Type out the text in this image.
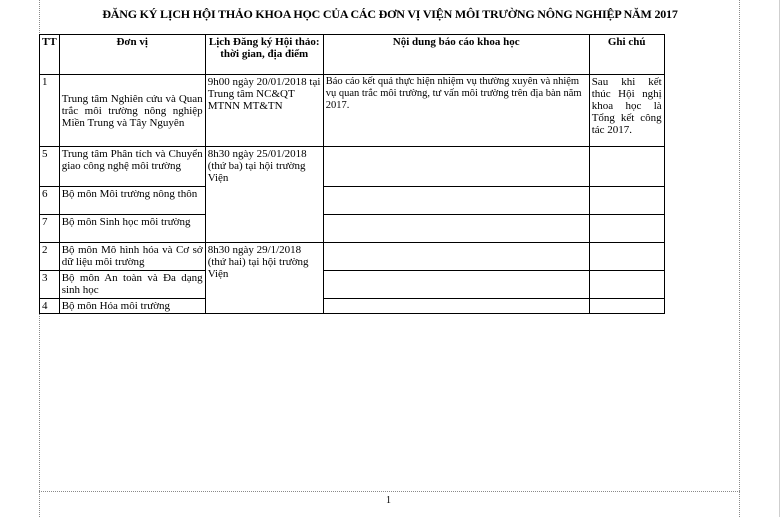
ĐĂNG KÝ LỊCH HỘI THẢO KHOA HỌC CỦA CÁC ĐƠN VỊ VIỆN MÔI TRƯỜNG NÔNG NGHIỆP NĂM 2017
TT	Đơn vị	Lịch Đăng ký Hội thảo: thời gian, địa điểm	Nội dung báo cáo khoa học	Ghi chú
1	Trung tâm Nghiên cứu và Quan trắc môi trường nông nghiệp Miền Trung và Tây Nguyên	9h00 ngày 20/01/2018 tại Trung tâm NC&QT MTNN MT&TN	Báo cáo kết quả thực hiện nhiệm vụ thường xuyên và nhiệm vụ quan trắc môi trường, tư vấn môi trường trên địa bàn năm 2017.	Sau khi kết thúc Hội nghị khoa học là Tổng kết công tác 2017.
5	Trung tâm Phân tích và Chuyển giao công nghệ môi trường	8h30 ngày 25/01/2018 (thứ ba) tại hội trường Viện		
6	Bộ môn Môi trường nông thôn			
7	Bộ môn Sinh học môi trường			
2	Bộ môn Mô hình hóa và Cơ sở dữ liệu môi trường	8h30 ngày 29/1/2018 (thứ hai) tại hội trường Viện		
3	Bộ môn An toàn và Đa dạng sinh học			
4	Bộ môn Hóa môi trường			
1
